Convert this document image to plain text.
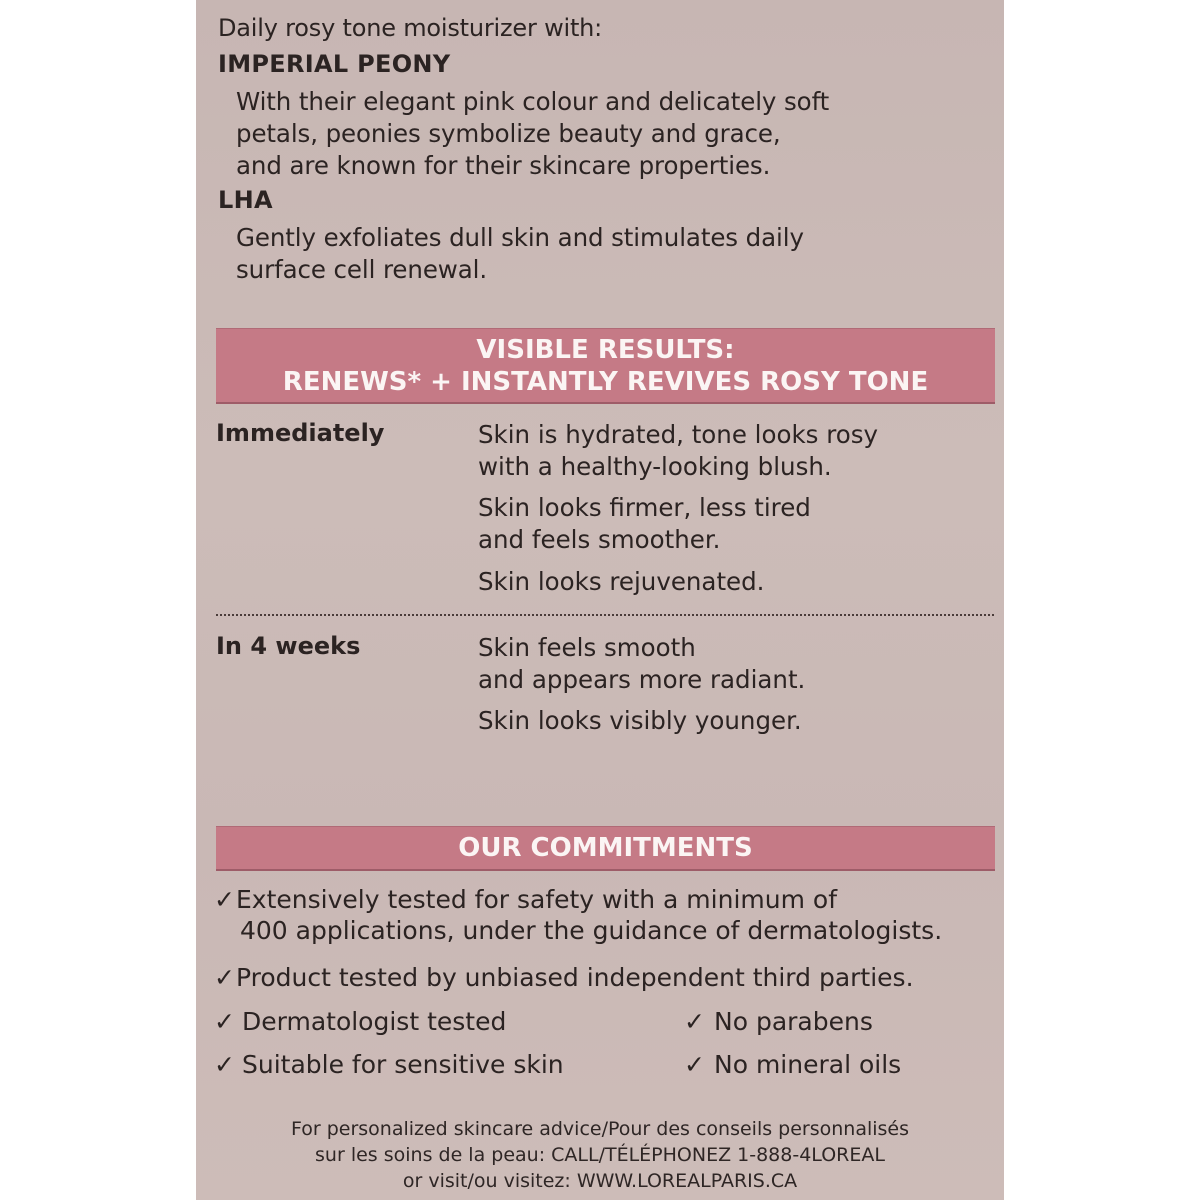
Daily rosy tone moisturizer with:
IMPERIAL PEONY
With their elegant pink colour and delicately soft
petals, peonies symbolize beauty and grace,
and are known for their skincare properties.
LHA
Gently exfoliates dull skin and stimulates daily
surface cell renewal.
VISIBLE RESULTS:
RENEWS* + INSTANTLY REVIVES ROSY TONE
Immediately	Skin is hydrated, tone looks rosy
with a healthy-looking blush.
Skin looks firmer, less tired
and feels smoother.
Skin looks rejuvenated.
In 4 weeks	Skin feels smooth
and appears more radiant.
Skin looks visibly younger.
OUR COMMITMENTS
✓Extensively tested for safety with a minimum of
400 applications, under the guidance of dermatologists.
✓Product tested by unbiased independent third parties.
✓ Dermatologist tested
✓ Suitable for sensitive skin
✓ No parabens
✓ No mineral oils
For personalized skincare advice/Pour des conseils personnalisés
sur les soins de la peau: CALL/TÉLÉPHONEZ 1-888-4LOREAL
or visit/ou visitez: WWW.LOREALPARIS.CA
